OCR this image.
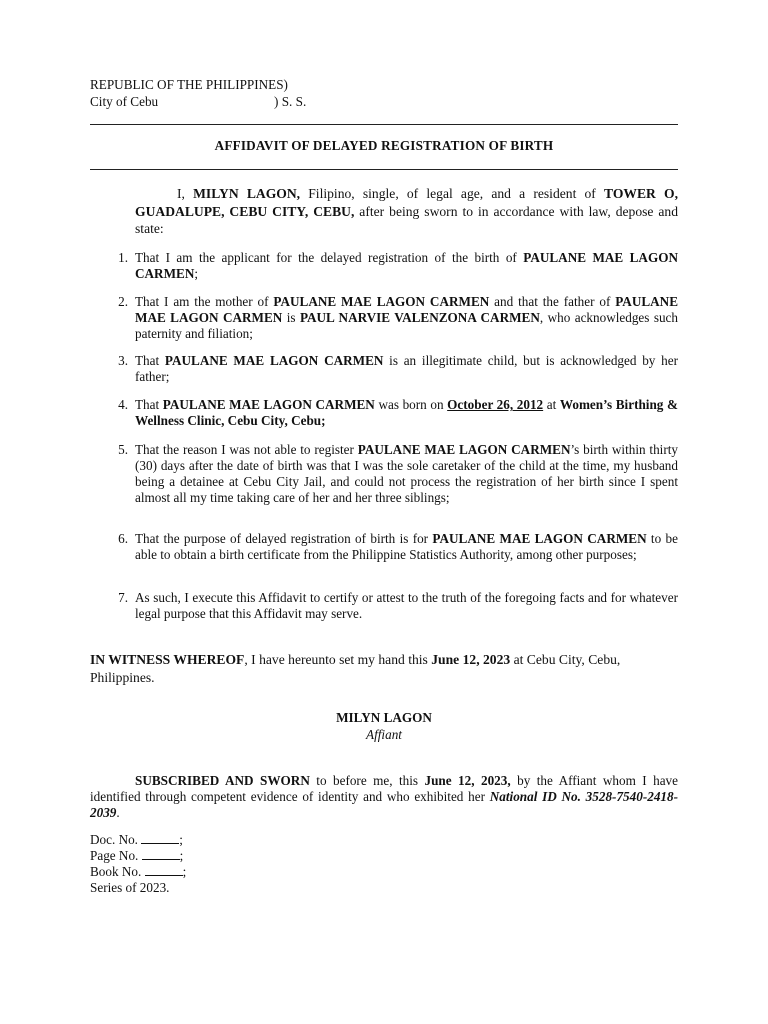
REPUBLIC OF THE PHILIPPINES)
City of Cebu	) S. S.
AFFIDAVIT OF DELAYED REGISTRATION OF BIRTH
I, MILYN LAGON, Filipino, single, of legal age, and a resident of TOWER O, GUADALUPE, CEBU CITY, CEBU, after being sworn to in accordance with law, depose and state:
1. That I am the applicant for the delayed registration of the birth of PAULANE MAE LAGON CARMEN;
2. That I am the mother of PAULANE MAE LAGON CARMEN and that the father of PAULANE MAE LAGON CARMEN is PAUL NARVIE VALENZONA CARMEN, who acknowledges such paternity and filiation;
3. That PAULANE MAE LAGON CARMEN is an illegitimate child, but is acknowledged by her father;
4. That PAULANE MAE LAGON CARMEN was born on October 26, 2012 at Women’s Birthing & Wellness Clinic, Cebu City, Cebu;
5. That the reason I was not able to register PAULANE MAE LAGON CARMEN’s birth within thirty (30) days after the date of birth was that I was the sole caretaker of the child at the time, my husband being a detainee at Cebu City Jail, and could not process the registration of her birth since I spent almost all my time taking care of her and her three siblings;
6. That the purpose of delayed registration of birth is for PAULANE MAE LAGON CARMEN to be able to obtain a birth certificate from the Philippine Statistics Authority, among other purposes;
7. As such, I execute this Affidavit to certify or attest to the truth of the foregoing facts and for whatever legal purpose that this Affidavit may serve.
IN WITNESS WHEREOF, I have hereunto set my hand this June 12, 2023 at Cebu City, Cebu, Philippines.
MILYN LAGON
Affiant
SUBSCRIBED AND SWORN to before me, this June 12, 2023, by the Affiant whom I have identified through competent evidence of identity and who exhibited her National ID No. 3528-7540-2418-2039.
Doc. No.	;
Page No.	;
Book No.	;
Series of 2023.
